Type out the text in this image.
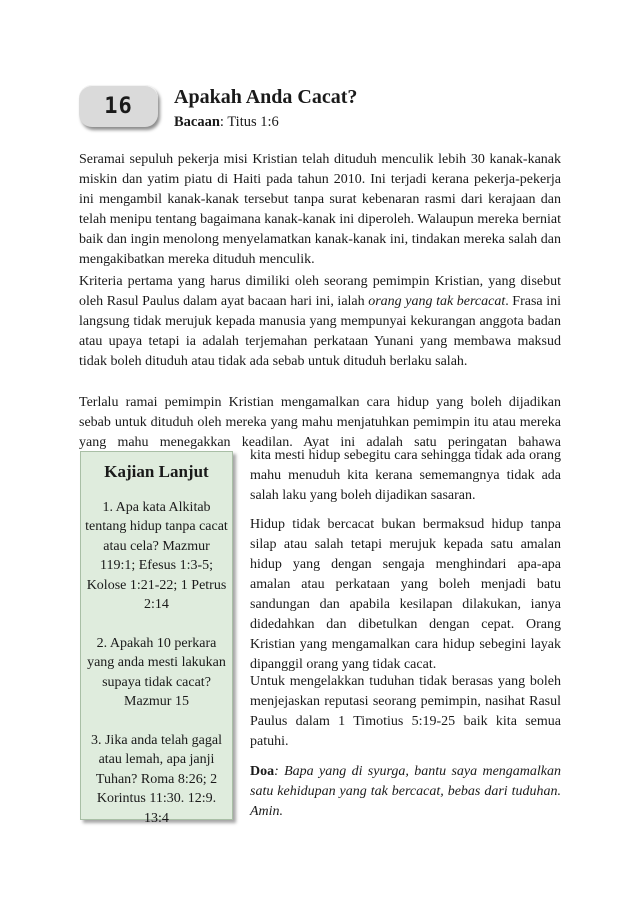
16	Apakah Anda Cacat?
Bacaan: Titus 1:6

Seramai sepuluh pekerja misi Kristian telah dituduh menculik lebih 30 kanak-kanak miskin dan yatim piatu di Haiti pada tahun 2010. Ini terjadi kerana pekerja-pekerja ini mengambil kanak-kanak tersebut tanpa surat kebenaran rasmi dari kerajaan dan telah menipu tentang bagaimana kanak-kanak ini diperoleh. Walaupun mereka berniat baik dan ingin menolong menyelamatkan kanak-kanak ini, tindakan mereka salah dan mengakibatkan mereka dituduh menculik.

Kriteria pertama yang harus dimiliki oleh seorang pemimpin Kristian, yang disebut oleh Rasul Paulus dalam ayat bacaan hari ini, ialah orang yang tak bercacat. Frasa ini langsung tidak merujuk kepada manusia yang mempunyai kekurangan anggota badan atau upaya tetapi ia adalah terjemahan perkataan Yunani yang membawa maksud tidak boleh dituduh atau tidak ada sebab untuk dituduh berlaku salah.

Terlalu ramai pemimpin Kristian mengamalkan cara hidup yang boleh dijadikan sebab untuk dituduh oleh mereka yang mahu menjatuhkan pemimpin itu atau mereka yang mahu menegakkan keadilan. Ayat ini adalah satu peringatan bahawa

kita mesti hidup sebegitu cara sehingga tidak ada orang mahu menuduh kita kerana sememangnya tidak ada salah laku yang boleh dijadikan sasaran.

Hidup tidak bercacat bukan bermaksud hidup tanpa silap atau salah tetapi merujuk kepada satu amalan hidup yang dengan sengaja menghindari apa-apa amalan atau perkataan yang boleh menjadi batu sandungan dan apabila kesilapan dilakukan, ianya didedahkan dan dibetulkan dengan cepat. Orang Kristian yang mengamalkan cara hidup sebegini layak dipanggil orang yang tidak cacat.

Untuk mengelakkan tuduhan tidak berasas yang boleh menjejaskan reputasi seorang pemimpin, nasihat Rasul Paulus dalam 1 Timotius 5:19-25 baik kita semua patuhi.

Doa: Bapa yang di syurga, bantu saya mengamalkan satu kehidupan yang tak bercacat, bebas dari tuduhan. Amin.

Kajian Lanjut
1. Apa kata Alkitab tentang hidup tanpa cacat atau cela? Mazmur 119:1; Efesus 1:3-5; Kolose 1:21-22; 1 Petrus 2:14
2. Apakah 10 perkara yang anda mesti lakukan supaya tidak cacat? Mazmur 15
3. Jika anda telah gagal atau lemah, apa janji Tuhan? Roma 8:26; 2 Korintus 11:30. 12:9. 13:4
